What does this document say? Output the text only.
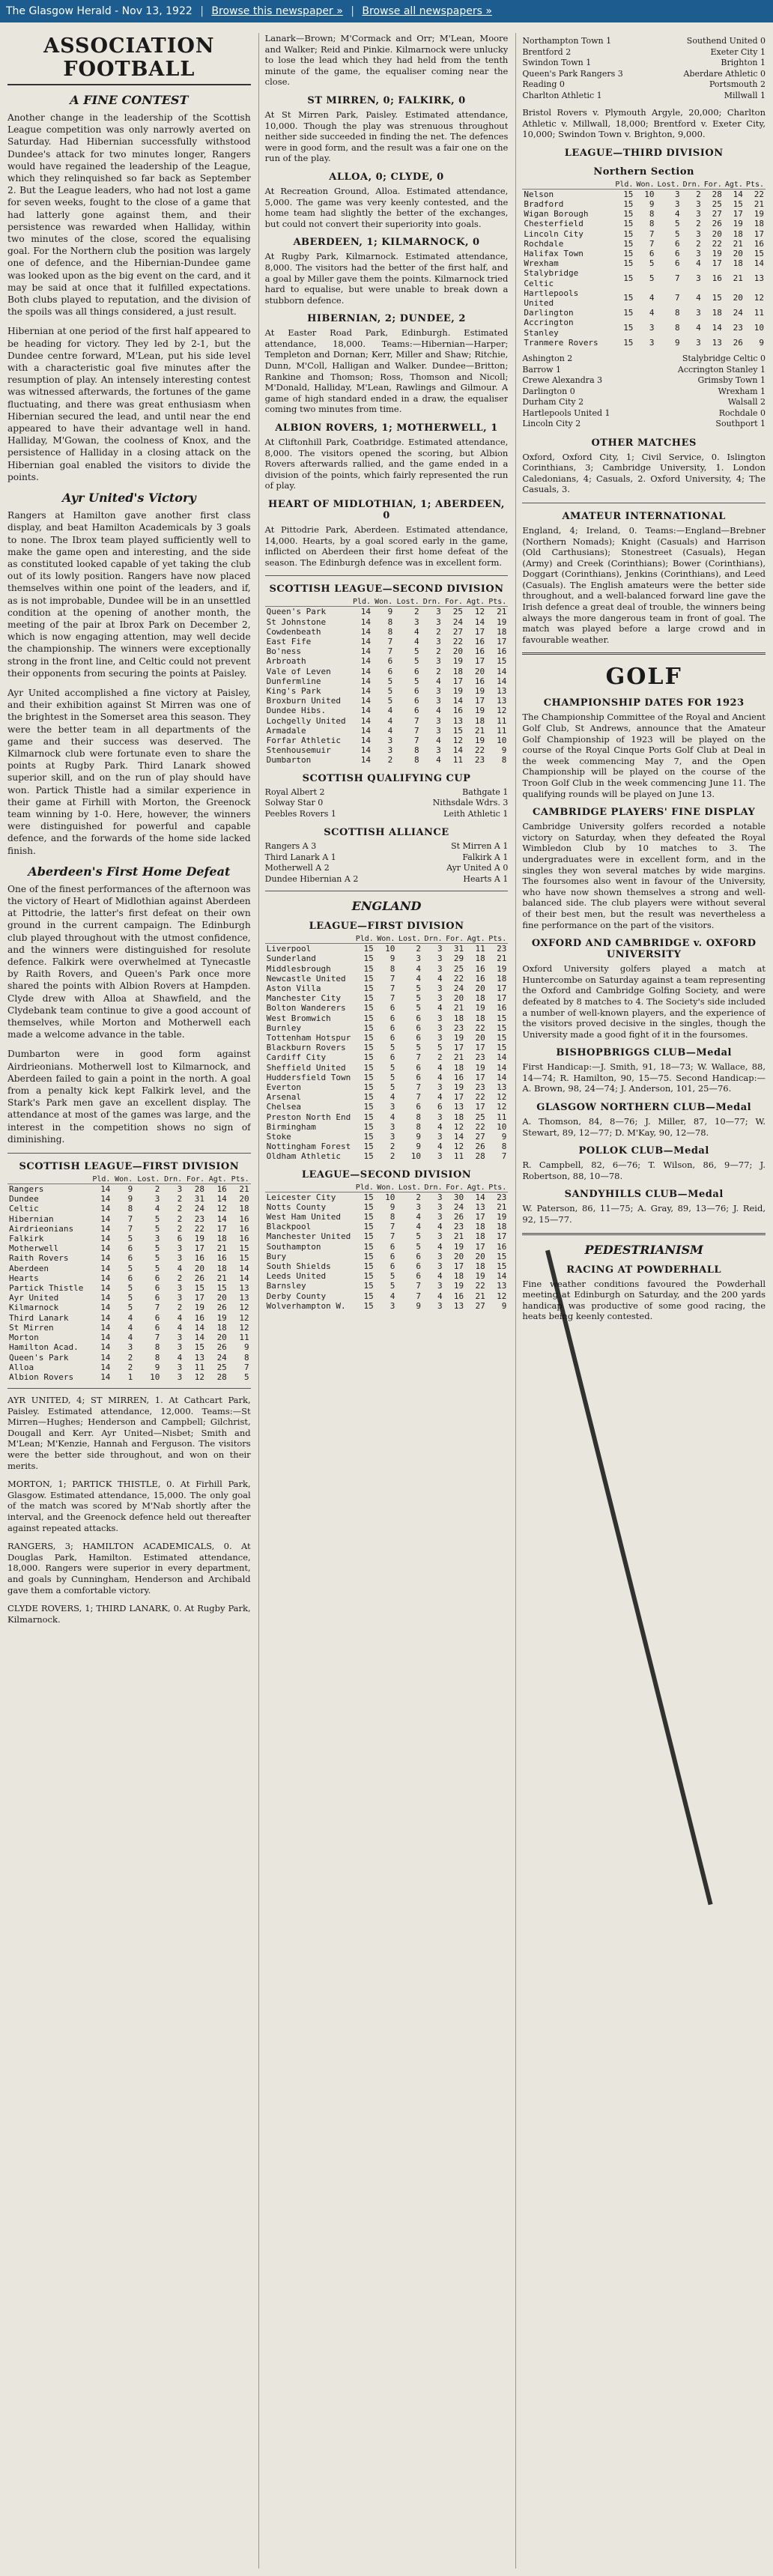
The Glasgow Herald - Nov 13, 1922 | Browse this newspaper » | Browse all newspapers »
ASSOCIATION FOOTBALL
A FINE CONTEST

Another change in the leadership of the Scottish League competition was only narrowly averted on Saturday. Had Hibernian successfully withstood Dundee's attack for two minutes longer, Rangers would have regained the leadership of the League, which they relinquished so far back as September 2. But the League leaders, who had not lost a game for seven weeks, fought to the close of a game that had latterly gone against them, and their persistence was rewarded when Halliday, within two minutes of the close, scored the equalising goal. For the Northern club the position was largely one of defence, and the Hibernian-Dundee game was looked upon as the big event on the card, and it may be said at once that it fulfilled expectations. Both clubs played to reputation, and the division of the spoils was all things considered, a just result.

Hibernian at one period of the first half appeared to be heading for victory. They led by 2-1, but the Dundee centre forward, M'Lean, put his side level with a characteristic goal five minutes after the resumption of play. An intensely interesting contest was witnessed afterwards, the fortunes of the game fluctuating, and there was great enthusiasm when Hibernian secured the lead, and until near the end appeared to have their advantage well in hand. Halliday, M'Gowan, the coolness of Knox, and the persistence of Halliday in a closing attack on the Hibernian goal enabled the visitors to divide the points.

Ayr United's Victory

Rangers at Hamilton gave another first class display, and beat Hamilton Academicals by 3 goals to none. The Ibrox team played sufficiently well to make the game open and interesting, and the side as constituted looked capable of yet taking the club out of its lowly position. Rangers have now placed themselves within one point of the leaders, and if, as is not improbable, Dundee will be in an unsettled condition at the opening of another month, the meeting of the pair at Ibrox Park on December 2, which is now engaging attention, may well decide the championship. The winners were exceptionally strong in the front line, and Celtic could not prevent their opponents from securing the points at Paisley.

Ayr United accomplished a fine victory at Paisley, and their exhibition against St Mirren was one of the brightest in the Somerset area this season. They were the better team in all departments of the game and their success was deserved. The Kilmarnock club were fortunate even to share the points at Rugby Park. Third Lanark showed superior skill, and on the run of play should have won. Partick Thistle had a similar experience in their game at Firhill with Morton, the Greenock team winning by 1-0. Here, however, the winners were distinguished for powerful and capable defence, and the forwards of the home side lacked finish.

Aberdeen's First Home Defeat

One of the finest performances of the afternoon was the victory of Heart of Midlothian against Aberdeen at Pittodrie, the latter's first defeat on their own ground in the current campaign. The Edinburgh club played throughout with the utmost confidence, and the winners were distinguished for resolute defence. Falkirk were overwhelmed at Tynecastle by Raith Rovers, and Queen's Park once more shared the points with Albion Rovers at Hampden. Clyde drew with Alloa at Shawfield, and the Clydebank team continue to give a good account of themselves, while Morton and Motherwell each made a welcome advance in the table.

Dumbarton were in good form against Airdrieonians. Motherwell lost to Kilmarnock, and Aberdeen failed to gain a point in the north. A goal from a penalty kick kept Falkirk level, and the Stark's Park men gave an excellent display. The attendance at most of the games was large, and the interest in the competition shows no sign of diminishing.

SCOTTISH LEAGUE—FIRST DIVISION
	Pld.	Won.	Lost.	Drn.	For.	Agt.	Pts.
Rangers	14	9	2	3	28	16	21
Dundee	14	9	3	2	31	14	20
Celtic	14	8	4	2	24	12	18
Hibernian	14	7	5	2	23	14	16
Airdrieonians	14	7	5	2	22	17	16
Falkirk	14	5	3	6	19	18	16
Motherwell	14	6	5	3	17	21	15
Raith Rovers	14	6	5	3	16	16	15
Aberdeen	14	5	5	4	20	18	14
Hearts	14	6	6	2	26	21	14
Partick Thistle	14	5	6	3	15	15	13
Ayr United	14	5	6	3	17	20	13
Kilmarnock	14	5	7	2	19	26	12
Third Lanark	14	4	6	4	16	19	12
St Mirren	14	4	6	4	14	18	12
Morton	14	4	7	3	14	20	11
Hamilton Acad.	14	3	8	3	15	26	9
Queen's Park	14	2	8	4	13	24	8
Alloa	14	2	9	3	11	25	7
Albion Rovers	14	1	10	3	12	28	5

AYR UNITED, 4; ST MIRREN, 1. At Cathcart Park, Paisley. Estimated attendance, 12,000. Teams:—St Mirren—Hughes; Henderson and Campbell; Gilchrist, Dougall and Kerr. Ayr United—Nisbet; Smith and M'Lean; M'Kenzie, Hannah and Ferguson. The visitors were the better side throughout, and won on their merits.

MORTON, 1; PARTICK THISTLE, 0. At Firhill Park, Glasgow. Estimated attendance, 15,000. The only goal of the match was scored by M'Nab shortly after the interval, and the Greenock defence held out thereafter against repeated attacks.

RANGERS, 3; HAMILTON ACADEMICALS, 0. At Douglas Park, Hamilton. Estimated attendance, 18,000. Rangers were superior in every department, and goals by Cunningham, Henderson and Archibald gave them a comfortable victory.

CLYDE ROVERS, 1; THIRD LANARK, 0. At Rugby Park, Kilmarnock.

Lanark—Brown; M'Cormack and Orr; M'Lean, Moore and Walker; Reid and Pinkie. Kilmarnock were unlucky to lose the lead which they had held from the tenth minute of the game, the equaliser coming near the close.

ST MIRREN, 0; FALKIRK, 0

At St Mirren Park, Paisley. Estimated attendance, 10,000. Though the play was strenuous throughout neither side succeeded in finding the net. The defences were in good form, and the result was a fair one on the run of the play.

ALLOA, 0; CLYDE, 0

At Recreation Ground, Alloa. Estimated attendance, 5,000. The game was very keenly contested, and the home team had slightly the better of the exchanges, but could not convert their superiority into goals.

ABERDEEN, 1; KILMARNOCK, 0

At Rugby Park, Kilmarnock. Estimated attendance, 8,000. The visitors had the better of the first half, and a goal by Miller gave them the points. Kilmarnock tried hard to equalise, but were unable to break down a stubborn defence.

HIBERNIAN, 2; DUNDEE, 2

At Easter Road Park, Edinburgh. Estimated attendance, 18,000. Teams:—Hibernian—Harper; Templeton and Dornan; Kerr, Miller and Shaw; Ritchie, Dunn, M'Coll, Halligan and Walker. Dundee—Britton; Rankine and Thomson; Ross, Thomson and Nicoll; M'Donald, Halliday, M'Lean, Rawlings and Gilmour. A game of high standard ended in a draw, the equaliser coming two minutes from time.

ALBION ROVERS, 1; MOTHERWELL, 1

At Cliftonhill Park, Coatbridge. Estimated attendance, 8,000. The visitors opened the scoring, but Albion Rovers afterwards rallied, and the game ended in a division of the points, which fairly represented the run of play.

HEART OF MIDLOTHIAN, 1; ABERDEEN, 0

At Pittodrie Park, Aberdeen. Estimated attendance, 14,000. Hearts, by a goal scored early in the game, inflicted on Aberdeen their first home defeat of the season. The Edinburgh defence was in excellent form.

SCOTTISH LEAGUE—SECOND DIVISION
	Pld.	Won.	Lost.	Drn.	For.	Agt.	Pts.
Queen's Park	14	9	2	3	25	12	21
St Johnstone	14	8	3	3	24	14	19
Cowdenbeath	14	8	4	2	27	17	18
East Fife	14	7	4	3	22	16	17
Bo'ness	14	7	5	2	20	16	16
Arbroath	14	6	5	3	19	17	15
Vale of Leven	14	6	6	2	18	20	14
Dunfermline	14	5	5	4	17	16	14
King's Park	14	5	6	3	19	19	13
Broxburn United	14	5	6	3	14	17	13
Dundee Hibs.	14	4	6	4	16	19	12
Lochgelly United	14	4	7	3	13	18	11
Armadale	14	4	7	3	15	21	11
Forfar Athletic	14	3	7	4	12	19	10
Stenhousemuir	14	3	8	3	14	22	9
Dumbarton	14	2	8	4	11	23	8
SCOTTISH QUALIFYING CUP
Royal Albert 2	Bathgate 1
Solway Star 0	Nithsdale Wdrs. 3
Peebles Rovers 1	Leith Athletic 1
SCOTTISH ALLIANCE
Rangers A 3	St Mirren A 1
Third Lanark A 1	Falkirk A 1
Motherwell A 2	Ayr United A 0
Dundee Hibernian A 2	Hearts A 1
ENGLAND
LEAGUE—FIRST DIVISION
	Pld.	Won.	Lost.	Drn.	For.	Agt.	Pts.
Liverpool	15	10	2	3	31	11	23
Sunderland	15	9	3	3	29	18	21
Middlesbrough	15	8	4	3	25	16	19
Newcastle United	15	7	4	4	22	16	18
Aston Villa	15	7	5	3	24	20	17
Manchester City	15	7	5	3	20	18	17
Bolton Wanderers	15	6	5	4	21	19	16
West Bromwich	15	6	6	3	18	18	15
Burnley	15	6	6	3	23	22	15
Tottenham Hotspur	15	6	6	3	19	20	15
Blackburn Rovers	15	5	5	5	17	17	15
Cardiff City	15	6	7	2	21	23	14
Sheffield United	15	5	6	4	18	19	14
Huddersfield Town	15	5	6	4	16	17	14
Everton	15	5	7	3	19	23	13
Arsenal	15	4	7	4	17	22	12
Chelsea	15	3	6	6	13	17	12
Preston North End	15	4	8	3	18	25	11
Birmingham	15	3	8	4	12	22	10
Stoke	15	3	9	3	14	27	9
Nottingham Forest	15	2	9	4	12	26	8
Oldham Athletic	15	2	10	3	11	28	7
LEAGUE—SECOND DIVISION
	Pld.	Won.	Lost.	Drn.	For.	Agt.	Pts.
Leicester City	15	10	2	3	30	14	23
Notts County	15	9	3	3	24	13	21
West Ham United	15	8	4	3	26	17	19
Blackpool	15	7	4	4	23	18	18
Manchester United	15	7	5	3	21	18	17
Southampton	15	6	5	4	19	17	16
Bury	15	6	6	3	20	20	15
South Shields	15	6	6	3	17	18	15
Leeds United	15	5	6	4	18	19	14
Barnsley	15	5	7	3	19	22	13
Derby County	15	4	7	4	16	21	12
Wolverhampton W.	15	3	9	3	13	27	9
Northampton Town 1	Southend United 0
Brentford 2	Exeter City 1
Swindon Town 1	Brighton 1
Queen's Park Rangers 3	Aberdare Athletic 0
Reading 0	Portsmouth 2
Charlton Athletic 1	Millwall 1

Bristol Rovers v. Plymouth Argyle, 20,000; Charlton Athletic v. Millwall, 18,000; Brentford v. Exeter City, 10,000; Swindon Town v. Brighton, 9,000.

LEAGUE—THIRD DIVISION
Northern Section
	Pld.	Won.	Lost.	Drn.	For.	Agt.	Pts.
Nelson	15	10	3	2	28	14	22
Bradford	15	9	3	3	25	15	21
Wigan Borough	15	8	4	3	27	17	19
Chesterfield	15	8	5	2	26	19	18
Lincoln City	15	7	5	3	20	18	17
Rochdale	15	7	6	2	22	21	16
Halifax Town	15	6	6	3	19	20	15
Wrexham	15	5	6	4	17	18	14
Stalybridge Celtic	15	5	7	3	16	21	13
Hartlepools United	15	4	7	4	15	20	12
Darlington	15	4	8	3	18	24	11
Accrington Stanley	15	3	8	4	14	23	10
Tranmere Rovers	15	3	9	3	13	26	9
Ashington 2	Stalybridge Celtic 0
Barrow 1	Accrington Stanley 1
Crewe Alexandra 3	Grimsby Town 1
Darlington 0	Wrexham 1
Durham City 2	Walsall 2
Hartlepools United 1	Rochdale 0
Lincoln City 2	Southport 1
OTHER MATCHES

Oxford, Oxford City, 1; Civil Service, 0. Islington Corinthians, 3; Cambridge University, 1. London Caledonians, 4; Casuals, 2. Oxford University, 4; The Casuals, 3.

AMATEUR INTERNATIONAL

England, 4; Ireland, 0. Teams:—England—Brebner (Northern Nomads); Knight (Casuals) and Harrison (Old Carthusians); Stonestreet (Casuals), Hegan (Army) and Creek (Corinthians); Bower (Corinthians), Doggart (Corinthians), Jenkins (Corinthians), and Leed (Casuals). The English amateurs were the better side throughout, and a well-balanced forward line gave the Irish defence a great deal of trouble, the winners being always the more dangerous team in front of goal. The match was played before a large crowd and in favourable weather.

GOLF
CHAMPIONSHIP DATES FOR 1923

The Championship Committee of the Royal and Ancient Golf Club, St Andrews, announce that the Amateur Golf Championship of 1923 will be played on the course of the Royal Cinque Ports Golf Club at Deal in the week commencing May 7, and the Open Championship will be played on the course of the Troon Golf Club in the week commencing June 11. The qualifying rounds will be played on June 13.

CAMBRIDGE PLAYERS' FINE DISPLAY

Cambridge University golfers recorded a notable victory on Saturday, when they defeated the Royal Wimbledon Club by 10 matches to 3. The undergraduates were in excellent form, and in the singles they won several matches by wide margins. The foursomes also went in favour of the University, who have now shown themselves a strong and well-balanced side. The club players were without several of their best men, but the result was nevertheless a fine performance on the part of the visitors.

OXFORD AND CAMBRIDGE v. OXFORD UNIVERSITY

Oxford University golfers played a match at Huntercombe on Saturday against a team representing the Oxford and Cambridge Golfing Society, and were defeated by 8 matches to 4. The Society's side included a number of well-known players, and the experience of the visitors proved decisive in the singles, though the University made a good fight of it in the foursomes.

BISHOPBRIGGS CLUB—Medal

First Handicap:—J. Smith, 91, 18—73; W. Wallace, 88, 14—74; R. Hamilton, 90, 15—75. Second Handicap:—A. Brown, 98, 24—74; J. Anderson, 101, 25—76.

GLASGOW NORTHERN CLUB—Medal

A. Thomson, 84, 8—76; J. Miller, 87, 10—77; W. Stewart, 89, 12—77; D. M'Kay, 90, 12—78.

POLLOK CLUB—Medal

R. Campbell, 82, 6—76; T. Wilson, 86, 9—77; J. Robertson, 88, 10—78.

SANDYHILLS CLUB—Medal

W. Paterson, 86, 11—75; A. Gray, 89, 13—76; J. Reid, 92, 15—77.

PEDESTRIANISM
RACING AT POWDERHALL

Fine weather conditions favoured the Powderhall meeting at Edinburgh on Saturday, and the 200 yards handicap was productive of some good racing, the heats being keenly contested.
